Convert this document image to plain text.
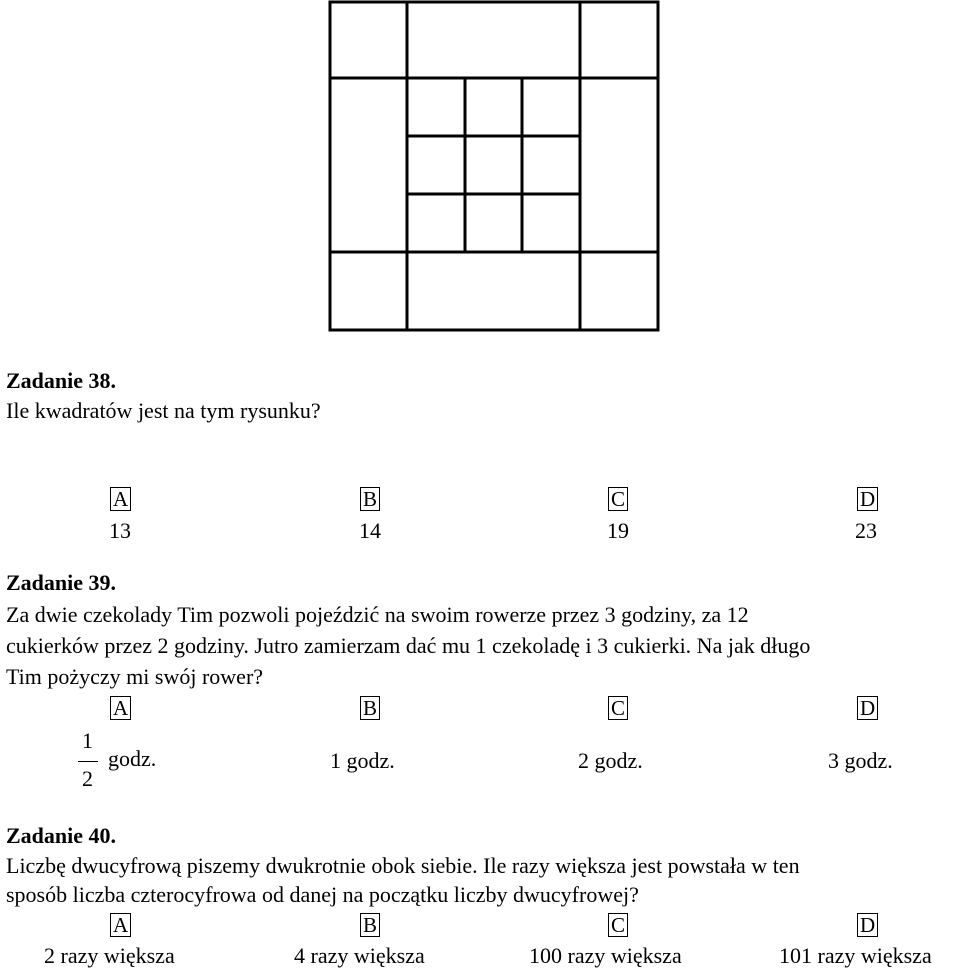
Zadanie 38.
Ile kwadratów jest na tym rysunku?
A	B	C	D
13	14	19	23
Zadanie 39.
Za dwie czekolady Tim pozwoli pojeździć na swoim rowerze przez 3 godziny, za 12
cukierków przez 2 godziny. Jutro zamierzam dać mu 1 czekoladę i 3 cukierki. Na jak długo
Tim pożyczy mi swój rower?
A	B	C	D
1
2
godz.	1 godz.	2 godz.	3 godz.
Zadanie 40.
Liczbę dwucyfrową piszemy dwukrotnie obok siebie. Ile razy większa jest powstała w ten
sposób liczba czterocyfrowa od danej na początku liczby dwucyfrowej?
A	B	C	D
2 razy większa	4 razy większa	100 razy większa	101 razy większa
